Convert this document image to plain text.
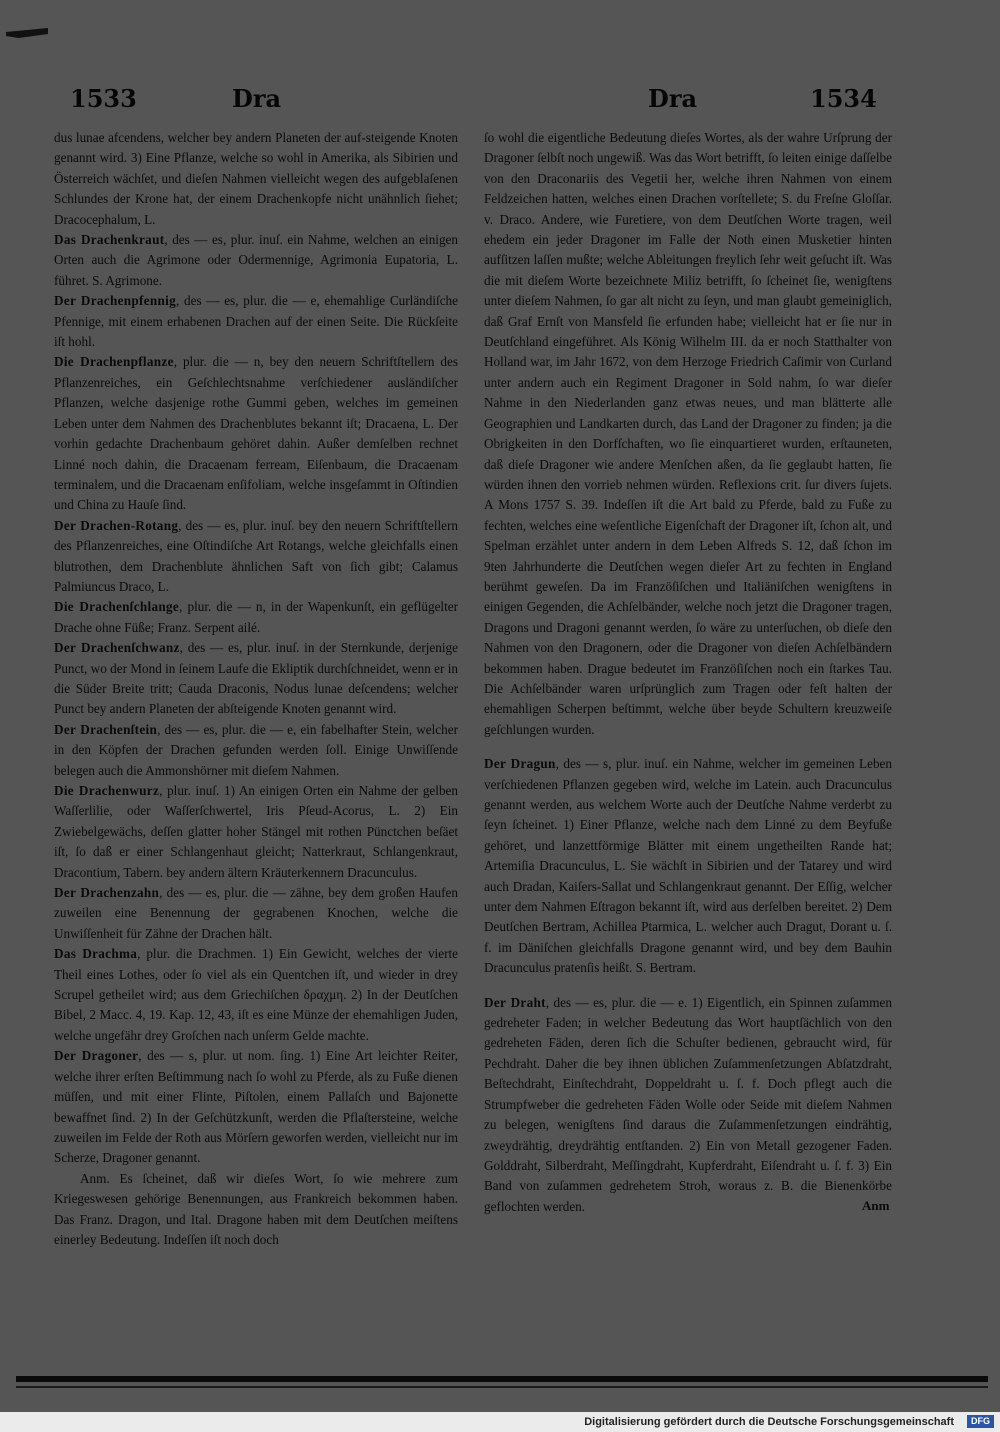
1533	Dra	Dra	1534

dus lunae afcendens, welcher bey andern Planeten der auf-steigende Knoten genannt wird. 3) Eine Pflanze, welche so wohl in Amerika, als Sibirien und Österreich wächſet, und dieſen Nahmen vielleicht wegen des aufgeblaſenen Schlundes der Krone hat, der einem Drachenkopfe nicht unähnlich ſiehet; Dracocephalum, L.

Das Drachenkraut, des — es, plur. inuſ. ein Nahme, welchen an einigen Orten auch die Agrimone oder Odermennige, Agrimonia Eupatoria, L. führet. S. Agrimone.

Der Drachenpfennig, des — es, plur. die — e, ehemahlige Curländiſche Pfennige, mit einem erhabenen Drachen auf der einen Seite. Die Rückſeite iſt hohl.

Die Drachenpflanze, plur. die — n, bey den neuern Schriftſtellern des Pflanzenreiches, ein Geſchlechtsnahme verſchiedener ausländiſcher Pflanzen, welche dasjenige rothe Gummi geben, welches im gemeinen Leben unter dem Nahmen des Drachenblutes bekannt iſt; Dracaena, L. Der vorhin gedachte Drachenbaum gehöret dahin. Außer demſelben rechnet Linné noch dahin, die Dracaenam ferream, Eiſenbaum, die Dracaenam terminalem, und die Dracaenam enſifoliam, welche insgeſammt in Oſtindien und China zu Hauſe ſind.

Der Drachen-Rotang, des — es, plur. inuſ. bey den neuern Schriftſtellern des Pflanzenreiches, eine Oſtindiſche Art Rotangs, welche gleichfalls einen blutrothen, dem Drachenblute ähnlichen Saft von ſich gibt; Calamus Palmiuncus Draco, L.

Die Drachenſchlange, plur. die — n, in der Wapenkunſt, ein geflügelter Drache ohne Füße; Franz. Serpent ailé.

Der Drachenſchwanz, des — es, plur. inuſ. in der Sternkunde, derjenige Punct, wo der Mond in ſeinem Laufe die Ekliptik durchſchneidet, wenn er in die Süder Breite tritt; Cauda Draconis, Nodus lunae deſcendens; welcher Punct bey andern Planeten der abſteigende Knoten genannt wird.

Der Drachenſtein, des — es, plur. die — e, ein fabelhafter Stein, welcher in den Köpfen der Drachen gefunden werden ſoll. Einige Unwiſſende belegen auch die Ammonshörner mit dieſem Nahmen.

Die Drachenwurz, plur. inuſ. 1) An einigen Orten ein Nahme der gelben Waſſerlilie, oder Waſſerſchwertel, Iris Pſeud-Acorus, L. 2) Ein Zwiebelgewächs, deſſen glatter hoher Stängel mit rothen Pünctchen beſäet iſt, ſo daß er einer Schlangenhaut gleicht; Natterkraut, Schlangenkraut, Dracontium, Tabern. bey andern ältern Kräuterkennern Dracunculus.

Der Drachenzahn, des — es, plur. die — zähne, bey dem großen Haufen zuweilen eine Benennung der gegrabenen Knochen, welche die Unwiſſenheit für Zähne der Drachen hält.

Das Drachma, plur. die Drachmen. 1) Ein Gewicht, welches der vierte Theil eines Lothes, oder ſo viel als ein Quentchen iſt, und wieder in drey Scrupel getheilet wird; aus dem Griechiſchen δραχμη. 2) In der Deutſchen Bibel, 2 Macc. 4, 19. Kap. 12, 43, iſt es eine Münze der ehemahligen Juden, welche ungefähr drey Groſchen nach unſerm Gelde machte.

Der Dragoner, des — s, plur. ut nom. ſing. 1) Eine Art leichter Reiter, welche ihrer erſten Beſtimmung nach ſo wohl zu Pferde, als zu Fuße dienen müſſen, und mit einer Flinte, Piſtolen, einem Pallaſch und Bajonette bewaffnet ſind. 2) In der Geſchützkunſt, werden die Pflaſtersteine, welche zuweilen im Felde der Roth aus Mörſern geworfen werden, vielleicht nur im Scherze, Dragoner genannt.

Anm. Es ſcheinet, daß wir dieſes Wort, ſo wie mehrere zum Kriegeswesen gehörige Benennungen, aus Frankreich bekommen haben. Das Franz. Dragon, und Ital. Dragone haben mit dem Deutſchen meiſtens einerley Bedeutung. Indeſſen iſt noch doch

ſo wohl die eigentliche Bedeutung dieſes Wortes, als der wahre Urſprung der Dragoner ſelbſt noch ungewiß. Was das Wort betrifft, ſo leiten einige daſſelbe von den Draconariis des Vegetii her, welche ihren Nahmen von einem Feldzeichen hatten, welches einen Drachen vorſtellete; S. du Freſne Gloſſar. v. Draco. Andere, wie Furetiere, von dem Deutſchen Worte tragen, weil ehedem ein jeder Dragoner im Falle der Noth einen Musketier hinten aufſitzen laſſen mußte; welche Ableitungen freylich ſehr weit geſucht iſt. Was die mit dieſem Worte bezeichnete Miliz betrifft, ſo ſcheinet ſie, wenigſtens unter dieſem Nahmen, ſo gar alt nicht zu ſeyn, und man glaubt gemeiniglich, daß Graf Ernſt von Mansfeld ſie erfunden habe; vielleicht hat er ſie nur in Deutſchland eingeführet. Als König Wilhelm III. da er noch Statthalter von Holland war, im Jahr 1672, von dem Herzoge Friedrich Caſimir von Curland unter andern auch ein Regiment Dragoner in Sold nahm, ſo war dieſer Nahme in den Niederlanden ganz etwas neues, und man blätterte alle Geographien und Landkarten durch, das Land der Dragoner zu finden; ja die Obrigkeiten in den Dorfſchaften, wo ſie einquartieret wurden, erſtauneten, daß dieſe Dragoner wie andere Menſchen aßen, da ſie geglaubt hatten, ſie würden ihnen den vorrieb nehmen würden. Reflexions crit. ſur divers ſujets. A Mons 1757 S. 39. Indeſſen iſt die Art bald zu Pferde, bald zu Fuße zu fechten, welches eine weſentliche Eigenſchaft der Dragoner iſt, ſchon alt, und Spelman erzählet unter andern in dem Leben Alfreds S. 12, daß ſchon im 9ten Jahrhunderte die Deutſchen wegen dieſer Art zu fechten in England berühmt geweſen. Da im Franzöſiſchen und Italiäniſchen wenigſtens in einigen Gegenden, die Achſelbänder, welche noch jetzt die Dragoner tragen, Dragons und Dragoni genannt werden, ſo wäre zu unterſuchen, ob dieſe den Nahmen von den Dragonern, oder die Dragoner von dieſen Achſelbändern bekommen haben. Drague bedeutet im Franzöſiſchen noch ein ſtarkes Tau. Die Achſelbänder waren urſprünglich zum Tragen oder feſt halten der ehemahligen Scherpen beſtimmt, welche über beyde Schultern kreuzweiſe geſchlungen wurden.

Der Dragun, des — s, plur. inuſ. ein Nahme, welcher im gemeinen Leben verſchiedenen Pflanzen gegeben wird, welche im Latein. auch Dracunculus genannt werden, aus welchem Worte auch der Deutſche Nahme verderbt zu ſeyn ſcheinet. 1) Einer Pflanze, welche nach dem Linné zu dem Beyfuße gehöret, und lanzettförmige Blätter mit einem ungetheilten Rande hat; Artemiſia Dracunculus, L. Sie wächſt in Sibirien und der Tatarey und wird auch Dradan, Kaiſers-Sallat und Schlangenkraut genannt. Der Eſſig, welcher unter dem Nahmen Eſtragon bekannt iſt, wird aus derſelben bereitet. 2) Dem Deutſchen Bertram, Achillea Ptarmica, L. welcher auch Dragut, Dorant u. ſ. f. im Däniſchen gleichfalls Dragone genannt wird, und bey dem Bauhin Dracunculus pratenſis heißt. S. Bertram.

Der Draht, des — es, plur. die — e. 1) Eigentlich, ein Spinnen zuſammen gedreheter Faden; in welcher Bedeutung das Wort hauptſächlich von den gedreheten Fäden, deren ſich die Schuſter bedienen, gebraucht wird, für Pechdraht. Daher die bey ihnen üblichen Zuſammenſetzungen Abſatzdraht, Beſtechdraht, Einſtechdraht, Doppeldraht u. ſ. f. Doch pflegt auch die Strumpfweber die gedreheten Fäden Wolle oder Seide mit dieſem Nahmen zu belegen, wenigſtens ſind daraus die Zuſammenſetzungen eindrähtig, zweydrähtig, dreydrähtig entſtanden. 2) Ein von Metall gezogener Faden. Golddraht, Silberdraht, Meſſingdraht, Kupferdraht, Eiſendraht u. ſ. f. 3) Ein Band von zuſammen gedrehetem Stroh, woraus z. B. die Bienenkörbe geflochten werden.	Anm
Digitalisierung gefördert durch die Deutsche Forschungsgemeinschaft	DFG
